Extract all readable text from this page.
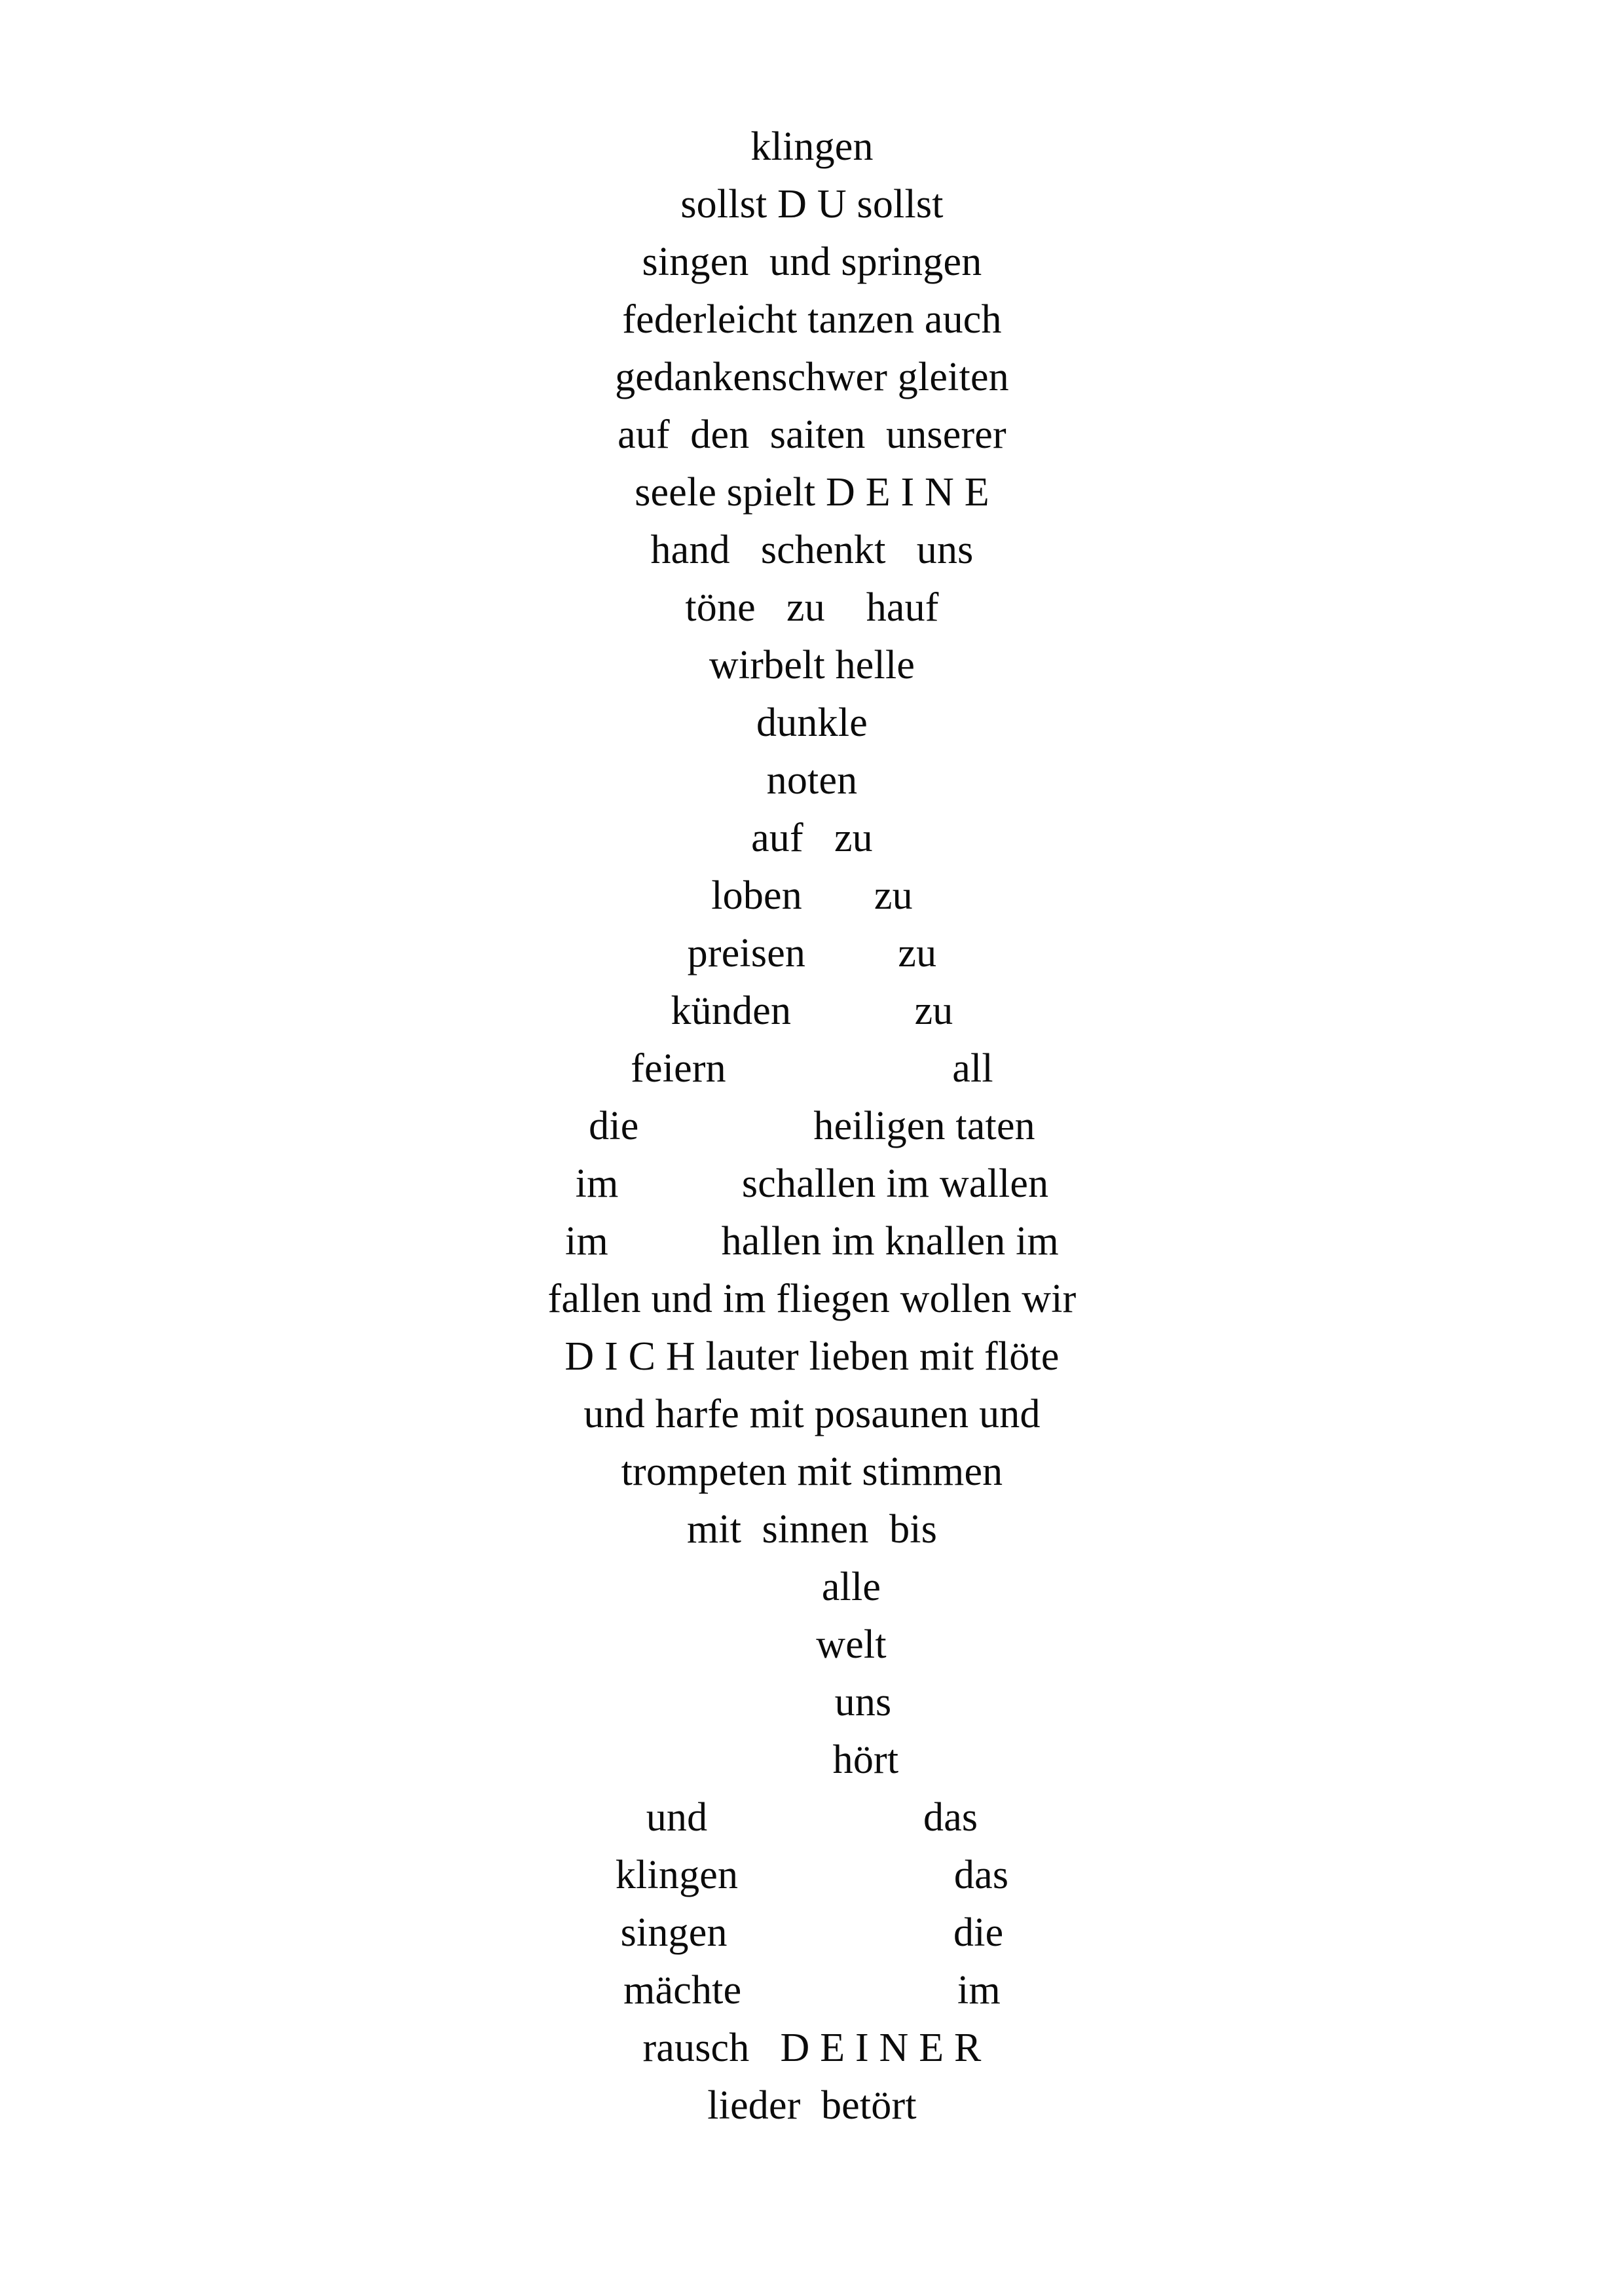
klingen
sollst D U sollst
singen  und springen
federleicht tanzen auch
gedankenschwer gleiten
auf  den  saiten  unserer
seele spielt D E I N E
hand   schenkt   uns
töne   zu    hauf
wirbelt helle
dunkle
noten
auf   zu
loben       zu
preisen         zu
künden            zu
feiern                      all
die                 heiligen taten
im            schallen im wallen
im           hallen im knallen im
fallen und im fliegen wollen wir
D I C H lauter lieben mit flöte
und harfe mit posaunen und
trompeten mit stimmen
mit  sinnen  bis
alle
welt
uns
hört
und                     das
klingen                     das
singen                      die
mächte                     im
rausch   D E I N E R
lieder  betört
